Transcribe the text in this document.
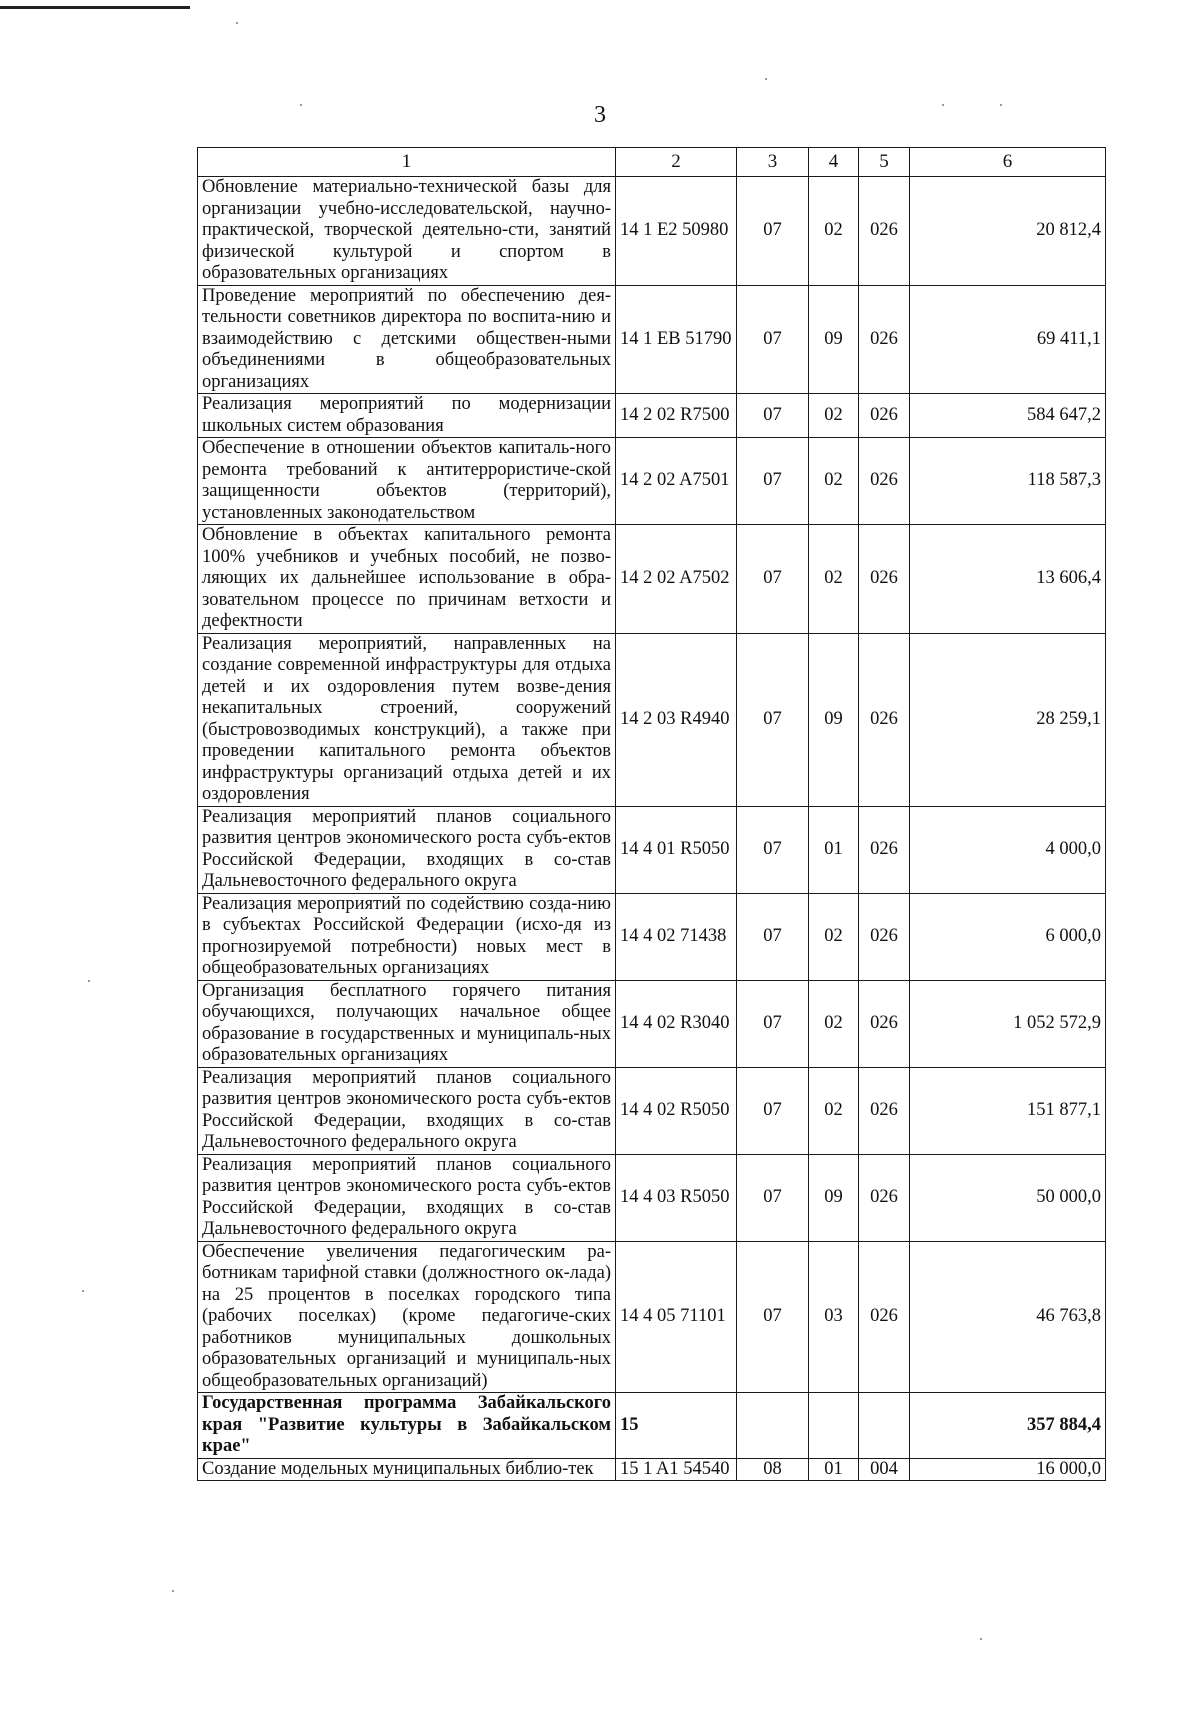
3
1	2	3	4	5	6
Обновление материально-технической базы для организации учебно-исследовательской, научно-практической, творческой деятельно-сти, занятий физической культурой и спортом в образовательных организациях	14 1 E2 50980	07	02	026	20 812,4
Проведение мероприятий по обеспечению дея-тельности советников директора по воспита-нию и взаимодействию с детскими обществен-ными объединениями в общеобразовательных организациях	14 1 EB 51790	07	09	026	69 411,1
Реализация мероприятий по модернизации школьных систем образования	14 2 02 R7500	07	02	026	584 647,2
Обеспечение в отношении объектов капиталь-ного ремонта требований к антитеррористиче-ской защищенности объектов (территорий), установленных законодательством	14 2 02 A7501	07	02	026	118 587,3
Обновление в объектах капитального ремонта 100% учебников и учебных пособий, не позво-ляющих их дальнейшее использование в обра-зовательном процессе по причинам ветхости и дефектности	14 2 02 A7502	07	02	026	13 606,4
Реализация мероприятий, направленных на создание современной инфраструктуры для отдыха детей и их оздоровления путем возве-дения некапитальных строений, сооружений (быстровозводимых конструкций), а также при проведении капитального ремонта объектов инфраструктуры организаций отдыха детей и их оздоровления	14 2 03 R4940	07	09	026	28 259,1
Реализация мероприятий планов социального развития центров экономического роста субъ-ектов Российской Федерации, входящих в со-став Дальневосточного федерального округа	14 4 01 R5050	07	01	026	4 000,0
Реализация мероприятий по содействию созда-нию в субъектах Российской Федерации (исхо-дя из прогнозируемой потребности) новых мест в общеобразовательных организациях	14 4 02 71438	07	02	026	6 000,0
Организация бесплатного горячего питания обучающихся, получающих начальное общее образование в государственных и муниципаль-ных образовательных организациях	14 4 02 R3040	07	02	026	1 052 572,9
Реализация мероприятий планов социального развития центров экономического роста субъ-ектов Российской Федерации, входящих в со-став Дальневосточного федерального округа	14 4 02 R5050	07	02	026	151 877,1
Реализация мероприятий планов социального развития центров экономического роста субъ-ектов Российской Федерации, входящих в со-став Дальневосточного федерального округа	14 4 03 R5050	07	09	026	50 000,0
Обеспечение увеличения педагогическим ра-ботникам тарифной ставки (должностного ок-лада) на 25 процентов в поселках городского типа (рабочих поселках) (кроме педагогиче-ских работников муниципальных дошкольных образовательных организаций и муниципаль-ных общеобразовательных организаций)	14 4 05 71101	07	03	026	46 763,8
Государственная программа Забайкальского края "Развитие культуры в Забайкальском крае"	15				357 884,4
Создание модельных муниципальных библио-тек	15 1 A1 54540	08	01	004	16 000,0
